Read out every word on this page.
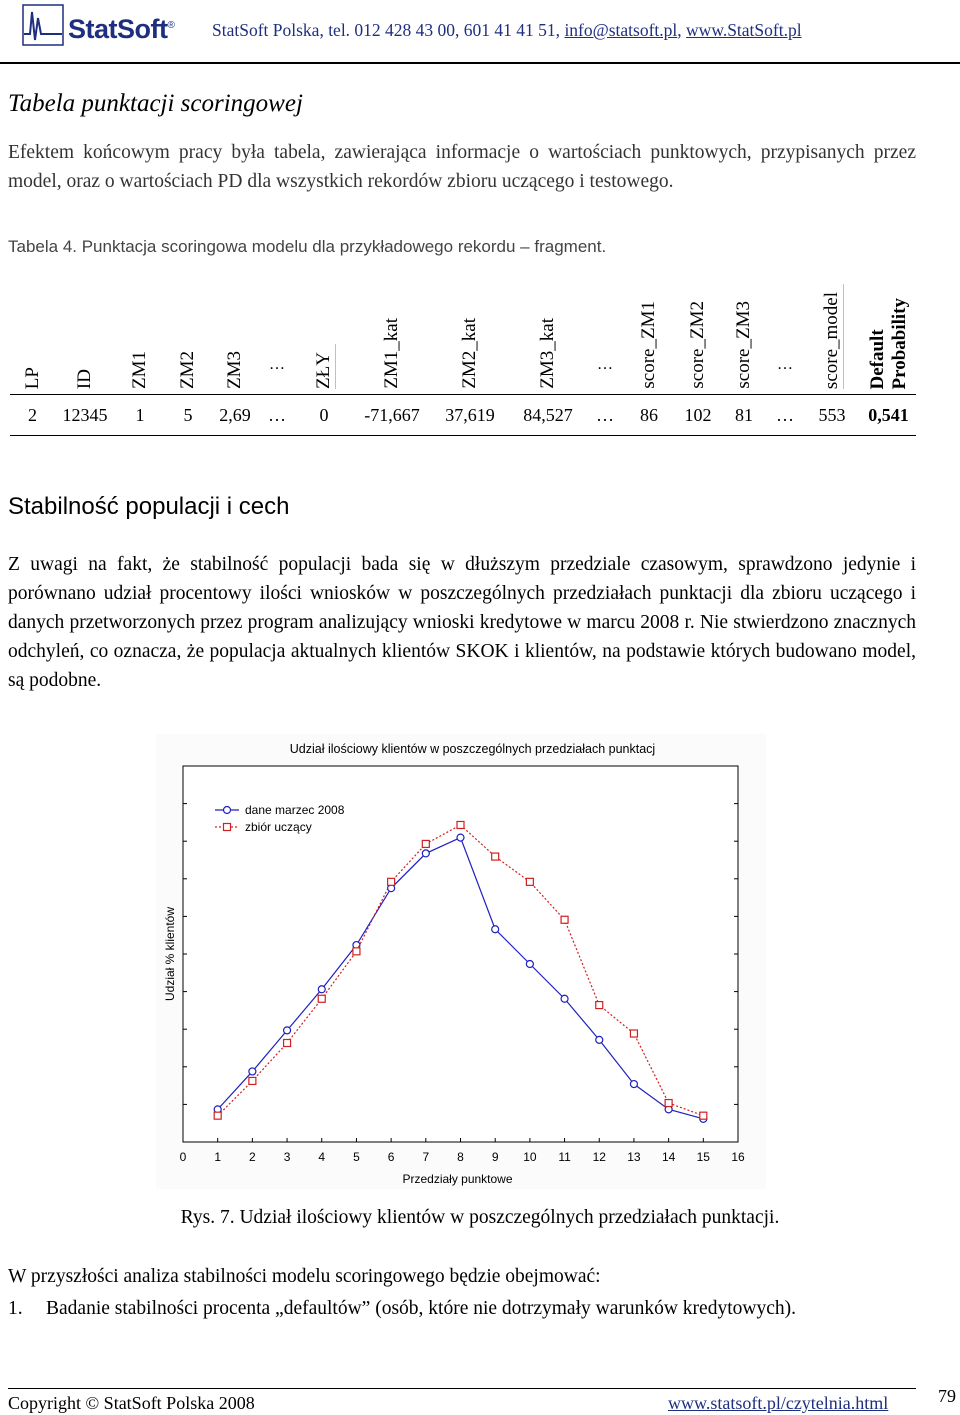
StatSoft® StatSoft Polska, tel. 012 428 43 00, 601 41 41 51, info@statsoft.pl, www.StatSoft.pl
Tabela punktacji scoringowej
Efektem końcowym pracy była tabela, zawierająca informacje o wartościach punktowych, przypisanych przez model, oraz o wartościach PD dla wszystkich rekordów zbioru uczącego i testowego.
Tabela 4. Punktacja scoringowa modelu dla przykładowego rekordu – fragment.
LP	ID	ZM1	ZM2	ZM3	…	ZŁY	ZM1_kat	ZM2_kat	ZM3_kat	…	score_ZM1	score_ZM2	score_ZM3	…	score_model	Default
Probability
2	12345	1	5	2,69	…	0	-71,667	37,619	84,527	…	86	102	81	…	553	0,541
Stabilność populacji i cech
Z uwagi na fakt, że stabilność populacji bada się w dłuższym przedziale czasowym, sprawdzono jedynie i porównano udział procentowy ilości wniosków w poszczególnych przedziałach punktacji dla zbioru uczącego i danych przetworzonych przez program analizujący wnioski kredytowe w marcu 2008 r. Nie stwierdzono znacznych odchyleń, co oznacza, że populacja aktualnych klientów SKOK i klientów, na podstawie których budowano model, są podobne.
Udział ilościowy klientów w poszczególnych przedziałach punktacj
0 1 2 3 4 5 6 7 8 9 10 11 12 13 14 15 16
Przedziały punktowe
Udział % klientów
dane marzec 2008
zbiór uczący
Rys. 7. Udział ilościowy klientów w poszczególnych przedziałach punktacji.
W przyszłości analiza stabilności modelu scoringowego będzie obejmować:
1. Badanie stabilności procenta „defaultów” (osób, które nie dotrzymały warunków kredytowych).
Copyright © StatSoft Polska 2008	www.statsoft.pl/czytelnia.html	79
